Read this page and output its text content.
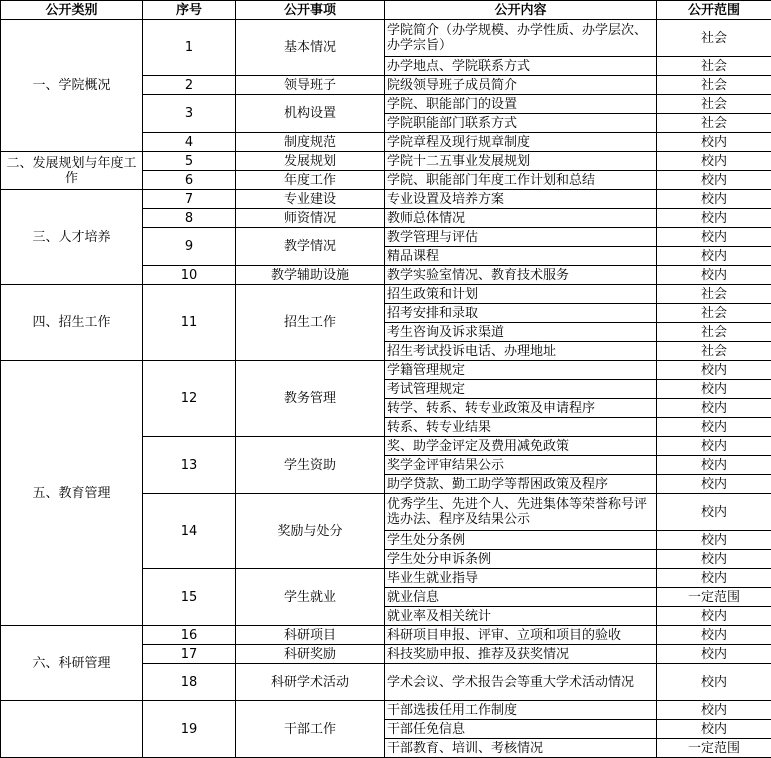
公开类别	序号	公开事项	公开内容	公开范围
一、学院概况	1	基本情况	学院简介（办学规模、办学性质、办学层次、办学宗旨）	社会
			办学地点、学院联系方式	社会
	2	领导班子	院级领导班子成员简介	社会
	3	机构设置	学院、职能部门的设置	社会
			学院职能部门联系方式	社会
	4	制度规范	学院章程及现行规章制度	校内
二、发展规划与年度工作	5	发展规划	学院十二五事业发展规划	校内
	6	年度工作	学院、职能部门年度工作计划和总结	校内
三、人才培养	7	专业建设	专业设置及培养方案	校内
	8	师资情况	教师总体情况	校内
	9	教学情况	教学管理与评估	校内
			精品课程	校内
	10	教学辅助设施	教学实验室情况、教育技术服务	校内
四、招生工作	11	招生工作	招生政策和计划	社会
			招考安排和录取	社会
			考生咨询及诉求渠道	社会
			招生考试投诉电话、办理地址	社会
五、教育管理	12	教务管理	学籍管理规定	校内
			考试管理规定	校内
			转学、转系、转专业政策及申请程序	校内
			转系、转专业结果	校内
	13	学生资助	奖、助学金评定及费用减免政策	校内
			奖学金评审结果公示	校内
			助学贷款、勤工助学等帮困政策及程序	校内
	14	奖励与处分	优秀学生、先进个人、先进集体等荣誉称号评选办法、程序及结果公示	校内
			学生处分条例	校内
			学生处分申诉条例	校内
	15	学生就业	毕业生就业指导	校内
			就业信息	一定范围
			就业率及相关统计	校内
六、科研管理	16	科研项目	科研项目申报、评审、立项和项目的验收	校内
	17	科研奖励	科技奖励申报、推荐及获奖情况	校内
	18	科研学术活动	学术会议、学术报告会等重大学术活动情况	校内
	19	干部工作	干部选拔任用工作制度	校内
			干部任免信息	校内
			干部教育、培训、考核情况	一定范围
